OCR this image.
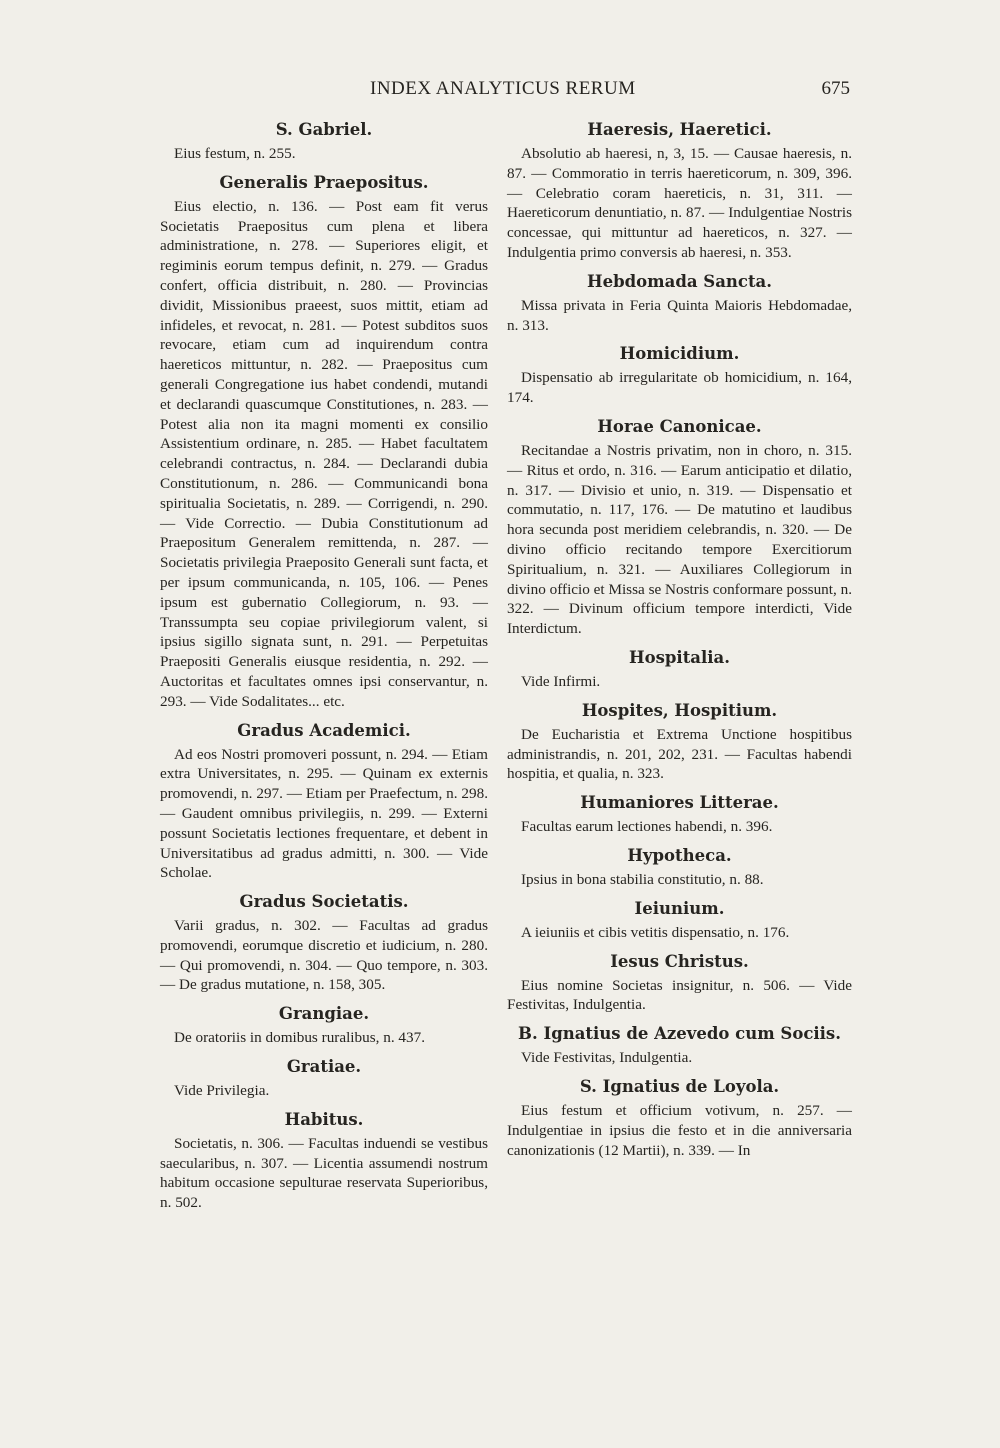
INDEX ANALYTICUS RERUM	675
S. Gabriel.
Eius festum, n. 255.
Generalis Praepositus.
Eius electio, n. 136. — Post eam fit verus Societatis Praepositus cum plena et libera administratione, n. 278. — Superiores eligit, et regiminis eorum tempus definit, n. 279. — Gradus confert, officia distribuit, n. 280. — Provincias dividit, Missionibus praeest, suos mittit, etiam ad infideles, et revocat, n. 281. — Potest subditos suos revocare, etiam cum ad inquirendum contra haereticos mittuntur, n. 282. — Praepositus cum generali Congregatione ius habet condendi, mutandi et declarandi quascumque Constitutiones, n. 283. — Potest alia non ita magni momenti ex consilio Assistentium ordinare, n. 285. — Habet facultatem celebrandi contractus, n. 284. — Declarandi dubia Constitutionum, n. 286. — Communicandi bona spiritualia Societatis, n. 289. — Corrigendi, n. 290. — Vide Correctio. — Dubia Constitutionum ad Praepositum Generalem remittenda, n. 287. — Societatis privilegia Praeposito Generali sunt facta, et per ipsum communicanda, n. 105, 106. — Penes ipsum est gubernatio Collegiorum, n. 93. — Transsumpta seu copiae privilegiorum valent, si ipsius sigillo signata sunt, n. 291. — Perpetuitas Praepositi Generalis eiusque residentia, n. 292. — Auctoritas et facultates omnes ipsi conservantur, n. 293. — Vide Sodalitates... etc.
Gradus Academici.
Ad eos Nostri promoveri possunt, n. 294. — Etiam extra Universitates, n. 295. — Quinam ex externis promovendi, n. 297. — Etiam per Praefectum, n. 298. — Gaudent omnibus privilegiis, n. 299. — Externi possunt Societatis lectiones frequentare, et debent in Universitatibus ad gradus admitti, n. 300. — Vide Scholae.
Gradus Societatis.
Varii gradus, n. 302. — Facultas ad gradus promovendi, eorumque discretio et iudicium, n. 280. — Qui promovendi, n. 304. — Quo tempore, n. 303. — De gradus mutatione, n. 158, 305.
Grangiae.
De oratoriis in domibus ruralibus, n. 437.
Gratiae.
Vide Privilegia.
Habitus.
Societatis, n. 306. — Facultas induendi se vestibus saecularibus, n. 307. — Licentia assumendi nostrum habitum occasione sepulturae reservata Superioribus, n. 502.
Haeresis, Haeretici.
Absolutio ab haeresi, n, 3, 15. — Causae haeresis, n. 87. — Commoratio in terris haereticorum, n. 309, 396. — Celebratio coram haereticis, n. 31, 311. — Haereticorum denuntiatio, n. 87. — Indulgentiae Nostris concessae, qui mittuntur ad haereticos, n. 327. — Indulgentia primo conversis ab haeresi, n. 353.
Hebdomada Sancta.
Missa privata in Feria Quinta Maioris Hebdomadae, n. 313.
Homicidium.
Dispensatio ab irregularitate ob homicidium, n. 164, 174.
Horae Canonicae.
Recitandae a Nostris privatim, non in choro, n. 315. — Ritus et ordo, n. 316. — Earum anticipatio et dilatio, n. 317. — Divisio et unio, n. 319. — Dispensatio et commutatio, n. 117, 176. — De matutino et laudibus hora secunda post meridiem celebrandis, n. 320. — De divino officio recitando tempore Exercitiorum Spiritualium, n. 321. — Auxiliares Collegiorum in divino officio et Missa se Nostris conformare possunt, n. 322. — Divinum officium tempore interdicti, Vide Interdictum.
Hospitalia.
Vide Infirmi.
Hospites, Hospitium.
De Eucharistia et Extrema Unctione hospitibus administrandis, n. 201, 202, 231. — Facultas habendi hospitia, et qualia, n. 323.
Humaniores Litterae.
Facultas earum lectiones habendi, n. 396.
Hypotheca.
Ipsius in bona stabilia constitutio, n. 88.
Ieiunium.
A ieiuniis et cibis vetitis dispensatio, n. 176.
Iesus Christus.
Eius nomine Societas insignitur, n. 506. — Vide Festivitas, Indulgentia.
B. Ignatius de Azevedo cum Sociis.
Vide Festivitas, Indulgentia.
S. Ignatius de Loyola.
Eius festum et officium votivum, n. 257. — Indulgentiae in ipsius die festo et in die anniversaria canonizationis (12 Martii), n. 339. — In
